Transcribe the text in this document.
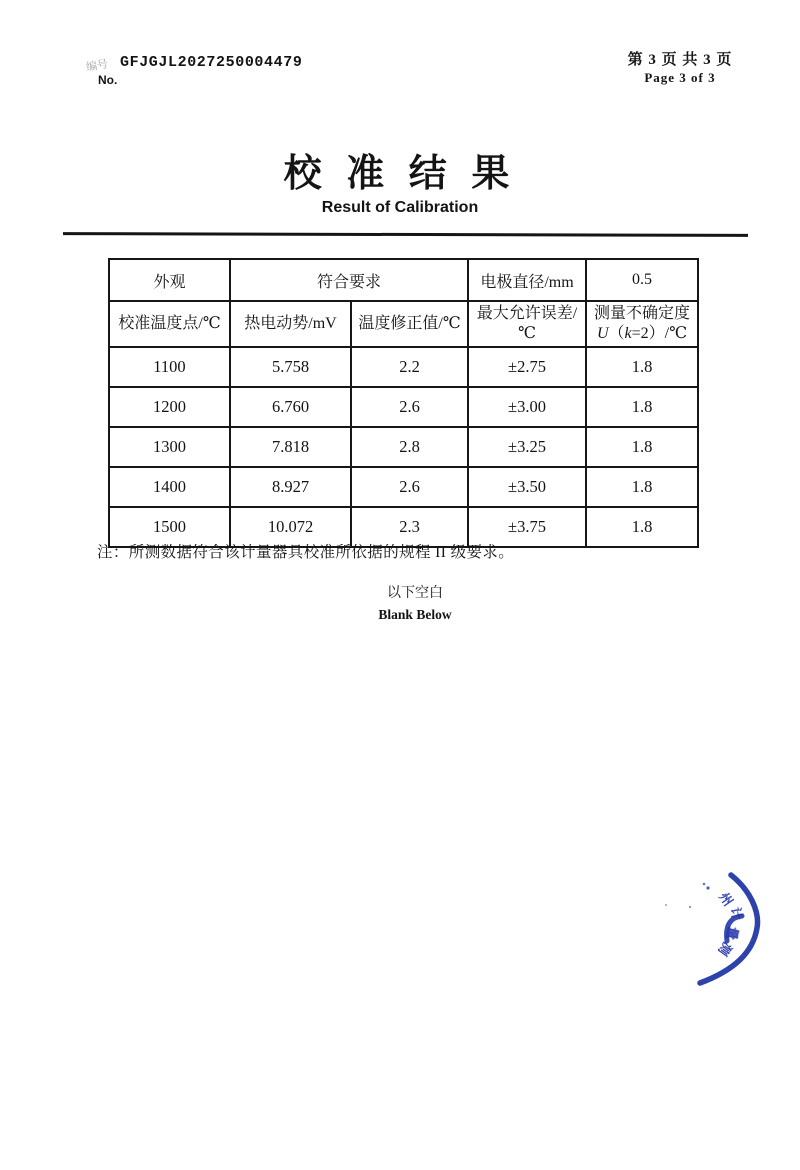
编号
No.
GFJGJL2027250004479	第 3 页 共 3 页
Page 3 of 3
校 准 结 果
Result of Calibration
外观	符合要求		电极直径/mm	0.5
校准温度点/℃	热电动势/mV	温度修正值/℃	最大允许误差/℃	测量不确定度
U（k=2）/℃

1100	5.758	2.2	±2.75	1.8
1200	6.760	2.6	±3.00	1.8
1300	7.818	2.8	±3.25	1.8
1400	8.927	2.6	±3.50	1.8
1500	10.072	2.3	±3.75	1.8
注：所测数据符合该计量器具校准所依据的规程 II 级要求。
以下空白
Blank Below
州
计
量
测
